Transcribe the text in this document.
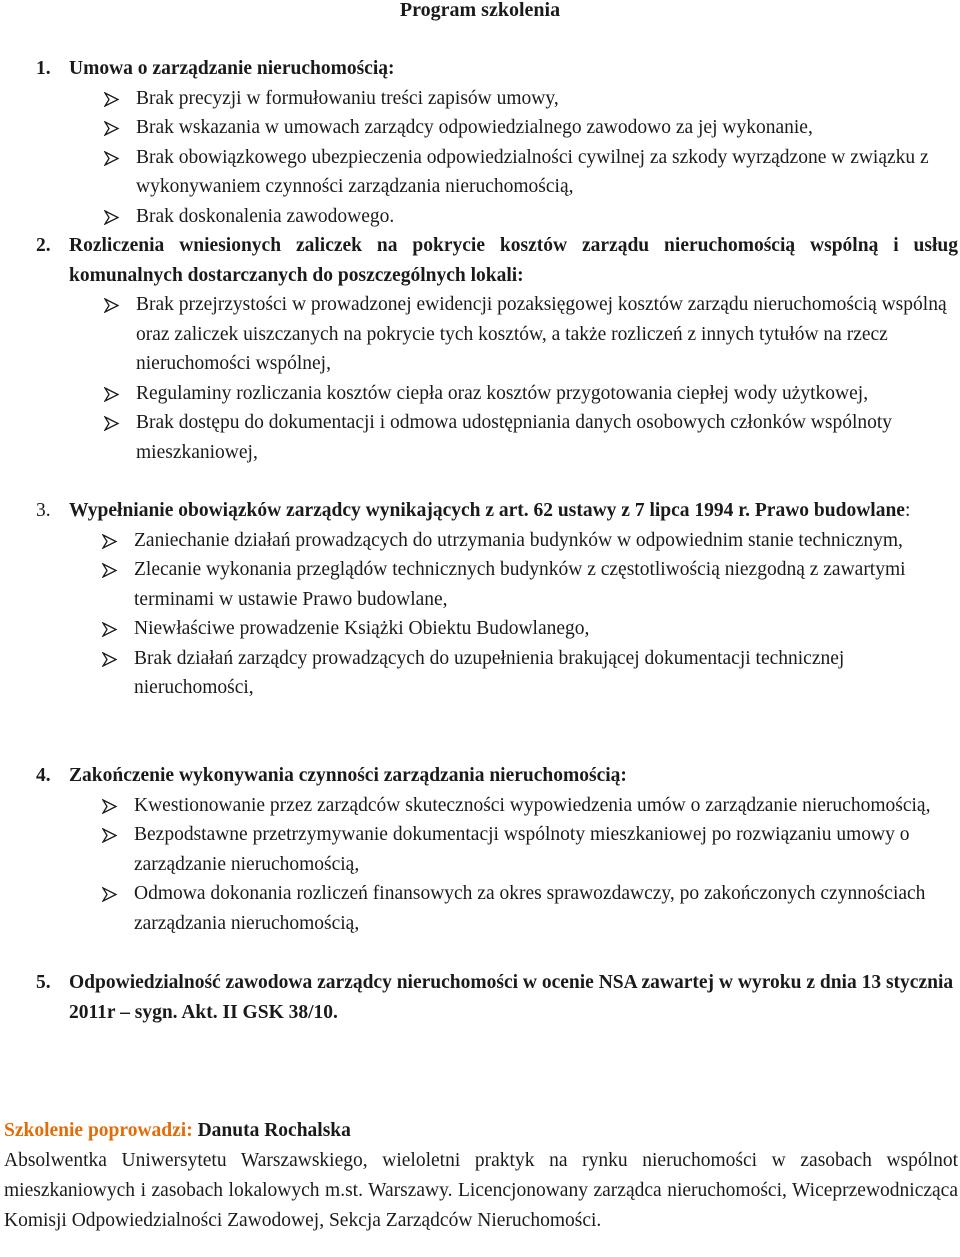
Program szkolenia
1. Umowa o zarządzanie nieruchomością:
Brak precyzji w formułowaniu treści zapisów umowy,
Brak wskazania w umowach zarządcy odpowiedzialnego zawodowo za jej wykonanie,
Brak obowiązkowego ubezpieczenia odpowiedzialności cywilnej za szkody wyrządzone w związku z wykonywaniem czynności zarządzania nieruchomością,
Brak doskonalenia zawodowego.
2. Rozliczenia wniesionych zaliczek na pokrycie kosztów zarządu nieruchomością wspólną i usług komunalnych dostarczanych do poszczególnych lokali:
Brak przejrzystości w prowadzonej ewidencji pozaksięgowej kosztów zarządu nieruchomością wspólną oraz zaliczek uiszczanych na pokrycie tych kosztów, a także rozliczeń z innych tytułów na rzecz nieruchomości wspólnej,
Regulaminy rozliczania kosztów ciepła oraz kosztów przygotowania ciepłej wody użytkowej,
Brak dostępu do dokumentacji i odmowa udostępniania danych osobowych członków wspólnoty mieszkaniowej,
3. Wypełnianie obowiązków zarządcy wynikających z art. 62 ustawy z 7 lipca 1994 r. Prawo budowlane:
Zaniechanie działań prowadzących do utrzymania budynków w odpowiednim stanie technicznym,
Zlecanie wykonania przeglądów technicznych budynków z częstotliwością niezgodną z zawartymi terminami w ustawie Prawo budowlane,
Niewłaściwe prowadzenie Książki Obiektu Budowlanego,
Brak działań zarządcy prowadzących do uzupełnienia brakującej dokumentacji technicznej nieruchomości,
4. Zakończenie wykonywania czynności zarządzania nieruchomością:
Kwestionowanie przez zarządców skuteczności wypowiedzenia umów o zarządzanie nieruchomością,
Bezpodstawne przetrzymywanie dokumentacji wspólnoty mieszkaniowej po rozwiązaniu umowy o zarządzanie nieruchomością,
Odmowa dokonania rozliczeń finansowych za okres sprawozdawczy, po zakończonych czynnościach zarządzania nieruchomością,
5. Odpowiedzialność zawodowa zarządcy nieruchomości w ocenie NSA zawartej w wyroku z dnia 13 stycznia 2011r – sygn. Akt. II GSK 38/10.
Szkolenie poprowadzi: Danuta Rochalska
Absolwentka Uniwersytetu Warszawskiego, wieloletni praktyk na rynku nieruchomości w zasobach wspólnot mieszkaniowych i zasobach lokalowych m.st. Warszawy. Licencjonowany zarządca nieruchomości, Wiceprzewodnicząca Komisji Odpowiedzialności Zawodowej, Sekcja Zarządców Nieruchomości.
